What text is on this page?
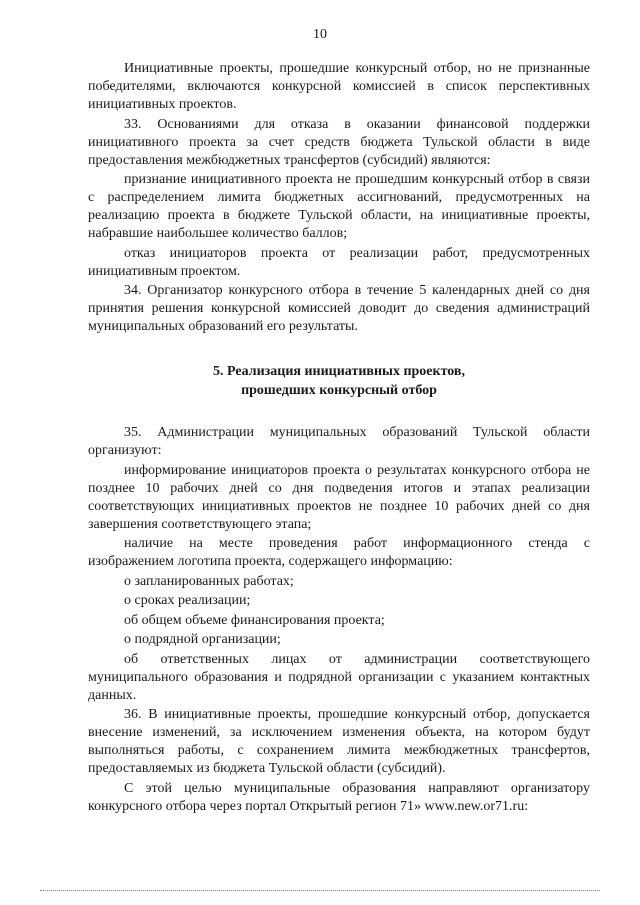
10

Инициативные проекты, прошедшие конкурсный отбор, но не признанные победителями, включаются конкурсной комиссией в список перспективных инициативных проектов.

33. Основаниями для отказа в оказании финансовой поддержки инициативного проекта за счет средств бюджета Тульской области в виде предоставления межбюджетных трансфертов (субсидий) являются:

признание инициативного проекта не прошедшим конкурсный отбор в связи с распределением лимита бюджетных ассигнований, предусмотренных на реализацию проекта в бюджете Тульской области, на инициативные проекты, набравшие наибольшее количество баллов;

отказ инициаторов проекта от реализации работ, предусмотренных инициативным проектом.

34. Организатор конкурсного отбора в течение 5 календарных дней со дня принятия решения конкурсной комиссией доводит до сведения администраций муниципальных образований его результаты.

5. Реализация инициативных проектов,
прошедших конкурсный отбор

35. Администрации муниципальных образований Тульской области организуют:

информирование инициаторов проекта о результатах конкурсного отбора не позднее 10 рабочих дней со дня подведения итогов и этапах реализации соответствующих инициативных проектов не позднее 10 рабочих дней со дня завершения соответствующего этапа;

наличие на месте проведения работ информационного стенда с изображением логотипа проекта, содержащего информацию:

о запланированных работах;

о сроках реализации;

об общем объеме финансирования проекта;

о подрядной организации;

об ответственных лицах от администрации соответствующего муниципального образования и подрядной организации с указанием контактных данных.

36. В инициативные проекты, прошедшие конкурсный отбор, допускается внесение изменений, за исключением изменения объекта, на котором будут выполняться работы, с сохранением лимита межбюджетных трансфертов, предоставляемых из бюджета Тульской области (субсидий).

С этой целью муниципальные образования направляют организатору конкурсного отбора через портал Открытый регион 71» www.new.or71.ru:
